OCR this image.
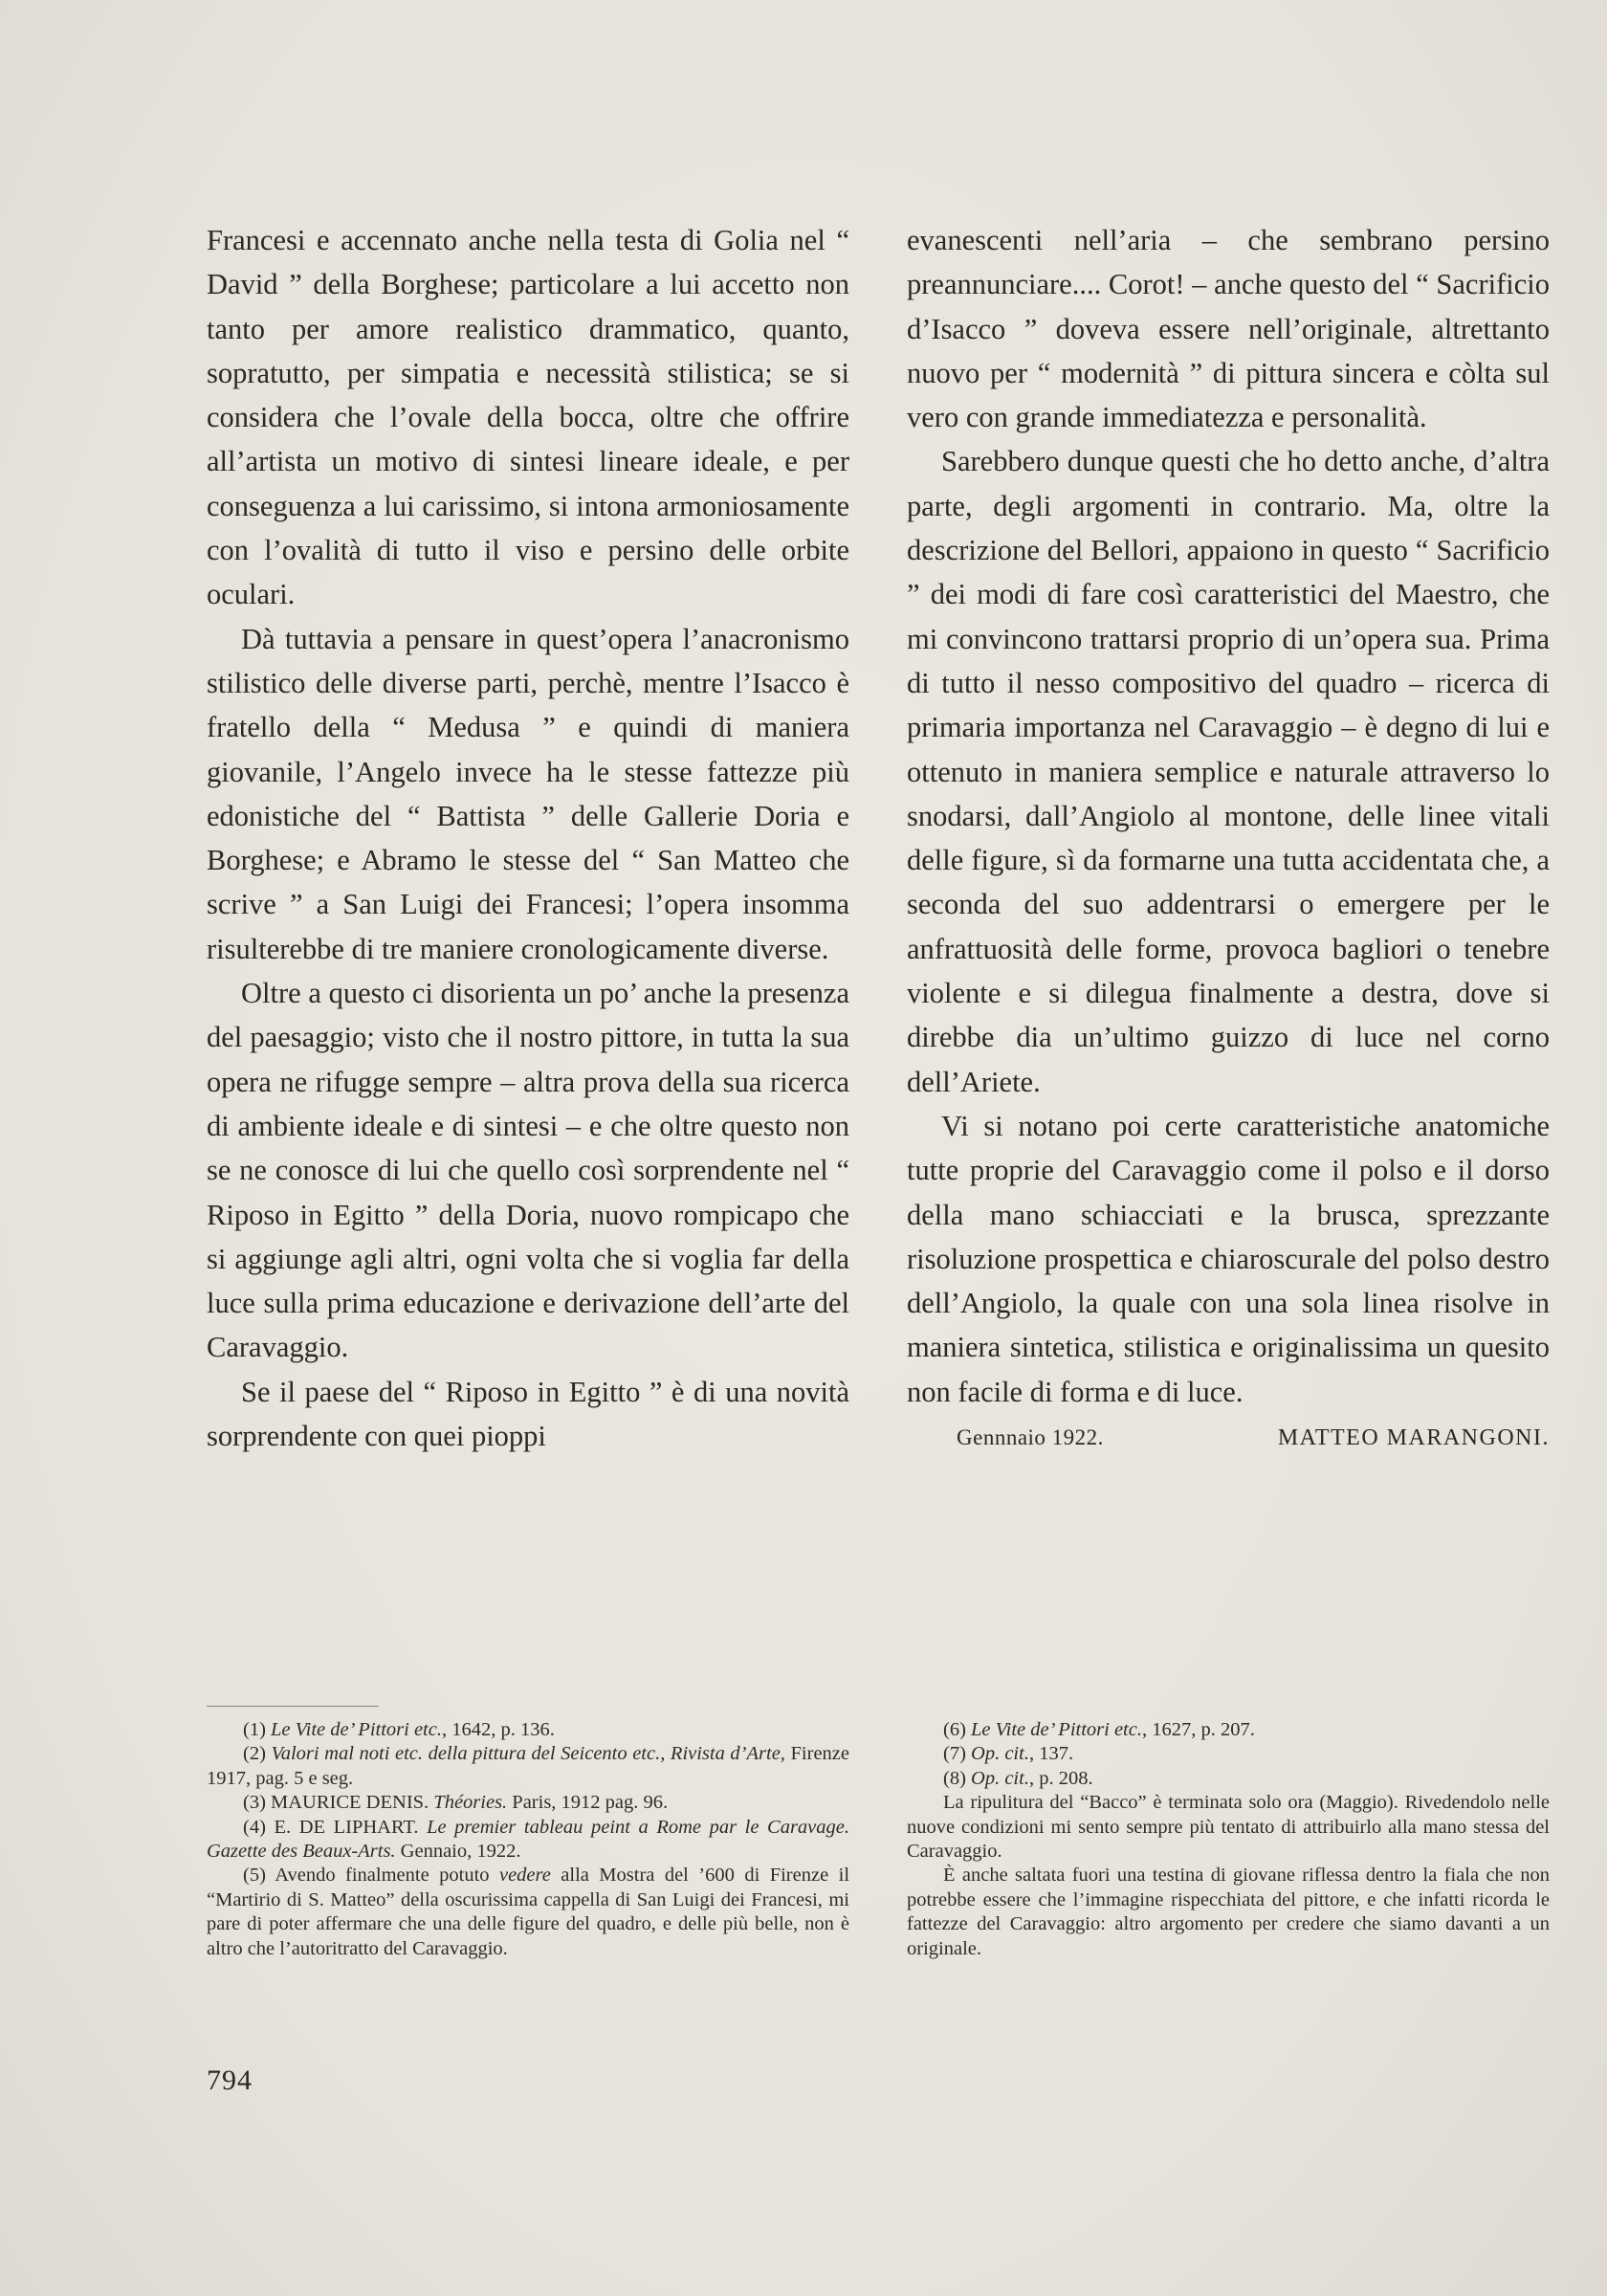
Francesi e accennato anche nella testa di Golia nel “ David ” della Borghese; particolare a lui accetto non tanto per amore realistico drammatico, quanto, sopratutto, per simpatia e necessità stilistica; se si considera che l’ovale della bocca, oltre che offrire all’artista un motivo di sintesi lineare ideale, e per conseguenza a lui carissimo, si intona armoniosamente con l’ovalità di tutto il viso e persino delle orbite oculari.

Dà tuttavia a pensare in quest’opera l’anacronismo stilistico delle diverse parti, perchè, mentre l’Isacco è fratello della “ Medusa ” e quindi di maniera giovanile, l’Angelo invece ha le stesse fattezze più edonistiche del “ Battista ” delle Gallerie Doria e Borghese; e Abramo le stesse del “ San Matteo che scrive ” a San Luigi dei Francesi; l’opera insomma risulterebbe di tre maniere cronologicamente diverse.

Oltre a questo ci disorienta un po’ anche la presenza del paesaggio; visto che il nostro pittore, in tutta la sua opera ne rifugge sempre – altra prova della sua ricerca di ambiente ideale e di sintesi – e che oltre questo non se ne conosce di lui che quello così sorprendente nel “ Riposo in Egitto ” della Doria, nuovo rompicapo che si aggiunge agli altri, ogni volta che si voglia far della luce sulla prima educazione e derivazione dell’arte del Caravaggio.

Se il paese del “ Riposo in Egitto ” è di una novità sorprendente con quei pioppi

evanescenti nell’aria – che sembrano persino preannunciare.... Corot! – anche questo del “ Sacrificio d’Isacco ” doveva essere nell’originale, altrettanto nuovo per “ modernità ” di pittura sincera e còlta sul vero con grande immediatezza e personalità.

Sarebbero dunque questi che ho detto anche, d’altra parte, degli argomenti in contrario. Ma, oltre la descrizione del Bellori, appaiono in questo “ Sacrificio ” dei modi di fare così caratteristici del Maestro, che mi convincono trattarsi proprio di un’opera sua. Prima di tutto il nesso compositivo del quadro – ricerca di primaria importanza nel Caravaggio – è degno di lui e ottenuto in maniera semplice e naturale attraverso lo snodarsi, dall’Angiolo al montone, delle linee vitali delle figure, sì da formarne una tutta accidentata che, a seconda del suo addentrarsi o emergere per le anfrattuosità delle forme, provoca bagliori o tenebre violente e si dilegua finalmente a destra, dove si direbbe dia un’ultimo guizzo di luce nel corno dell’Ariete.

Vi si notano poi certe caratteristiche anatomiche tutte proprie del Caravaggio come il polso e il dorso della mano schiacciati e la brusca, sprezzante risoluzione prospettica e chiaroscurale del polso destro dell’Angiolo, la quale con una sola linea risolve in maniera sintetica, stilistica e originalissima un quesito non facile di forma e di luce.

Gennnaio 1922.	MATTEO MARANGONI.

(1) Le Vite de’ Pittori etc., 1642, p. 136.

(2) Valori mal noti etc. della pittura del Seicento etc., Rivista d’Arte, Firenze 1917, pag. 5 e seg.

(3) MAURICE DENIS. Théories. Paris, 1912 pag. 96.

(4) E. DE LIPHART. Le premier tableau peint a Rome par le Caravage. Gazette des Beaux-Arts. Gennaio, 1922.

(5) Avendo finalmente potuto vedere alla Mostra del ’600 di Firenze il “Martirio di S. Matteo” della oscurissima cappella di San Luigi dei Francesi, mi pare di poter affermare che una delle figure del quadro, e delle più belle, non è altro che l’autoritratto del Caravaggio.

(6) Le Vite de’ Pittori etc., 1627, p. 207.

(7) Op. cit., 137.

(8) Op. cit., p. 208.

La ripulitura del “Bacco” è terminata solo ora (Maggio). Rivedendolo nelle nuove condizioni mi sento sempre più tentato di attribuirlo alla mano stessa del Caravaggio.

È anche saltata fuori una testina di giovane riflessa dentro la fiala che non potrebbe essere che l’immagine rispecchiata del pittore, e che infatti ricorda le fattezze del Caravaggio: altro argomento per credere che siamo davanti a un originale.

794
